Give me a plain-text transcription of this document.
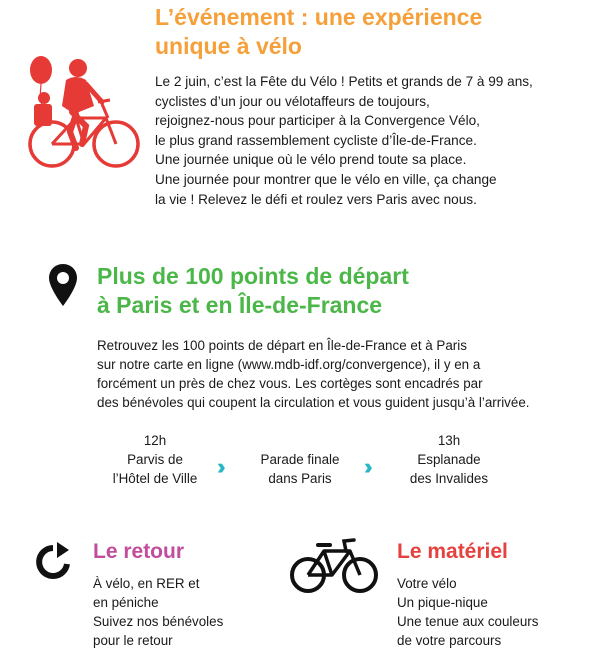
L’événement : une expérience
unique à vélo
Le 2 juin, c’est la Fête du Vélo ! Petits et grands de 7 à 99 ans,
cyclistes d’un jour ou vélotaffeurs de toujours,
rejoignez-nous pour participer à la Convergence Vélo,
le plus grand rassemblement cycliste d’Île-de-France.
Une journée unique où le vélo prend toute sa place.
Une journée pour montrer que le vélo en ville, ça change
la vie ! Relevez le défi et roulez vers Paris avec nous.
Plus de 100 points de départ
à Paris et en Île-de-France
Retrouvez les 100 points de départ en Île-de-France et à Paris
sur notre carte en ligne (www.mdb-idf.org/convergence), il y en a
forcément un près de chez vous. Les cortèges sont encadrés par
des bénévoles qui coupent la circulation et vous guident jusqu’à l’arrivée.
12h
Parvis de
l’Hôtel de Ville ››	Parade finale
dans Paris	››
13h
Esplanade
des Invalides
Le retour
À vélo, en RER et
en péniche
Suivez nos bénévoles
pour le retour
Le matériel
Votre vélo
Un pique-nique
Une tenue aux couleurs
de votre parcours
